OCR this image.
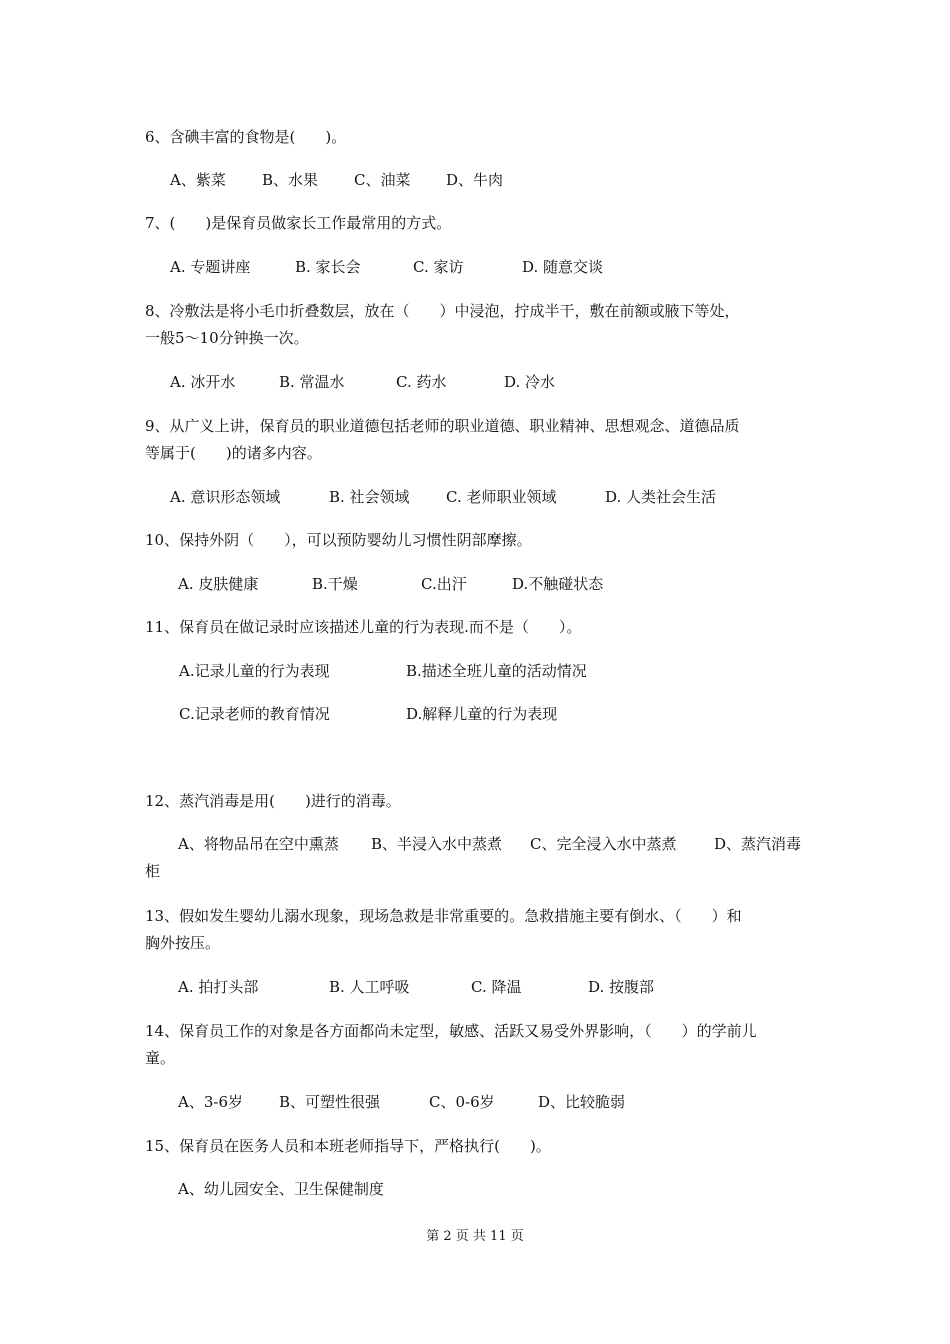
6、含碘丰富的食物是(　　)。
A、紫菜 B、水果 C、油菜 D、牛肉
7、(　　)是保育员做家长工作最常用的方式。
A. 专题讲座	B. 家长会	C. 家访	D. 随意交谈
8、冷敷法是将小毛巾折叠数层，放在（　　）中浸泡，拧成半干，敷在前额或腋下等处，
一般5～10分钟换一次。
A. 冰开水	B. 常温水	C. 药水	D. 冷水
9、从广义上讲，保育员的职业道德包括老师的职业道德、职业精神、思想观念、道德品质
等属于(　　)的诸多内容。
A. 意识形态领域	B. 社会领域 C. 老师职业领域	D. 人类社会生活
10、保持外阴（　　），可以预防婴幼儿习惯性阴部摩擦。
A. 皮肤健康	B.干燥	C.出汗	D.不触碰状态
11、保育员在做记录时应该描述儿童的行为表现.而不是（　　）。
A.记录儿童的行为表现	B.描述全班儿童的活动情况
C.记录老师的教育情况	D.解释儿童的行为表现
12、蒸汽消毒是用(　　)进行的消毒。
A、将物品吊在空中熏蒸 B、半浸入水中蒸煮 C、完全浸入水中蒸煮	D、蒸汽消毒
柜
13、假如发生婴幼儿溺水现象，现场急救是非常重要的。急救措施主要有倒水、（　　）和
胸外按压。
A. 拍打头部	B. 人工呼吸	C. 降温	D. 按腹部
14、保育员工作的对象是各方面都尚未定型，敏感、活跃又易受外界影响，（　　）的学前儿
童。
A、3-6岁 B、可塑性很强	C、0-6岁	D、比较脆弱
15、保育员在医务人员和本班老师指导下，严格执行(　　)。
A、幼儿园安全、卫生保健制度
第 2 页 共 11 页
